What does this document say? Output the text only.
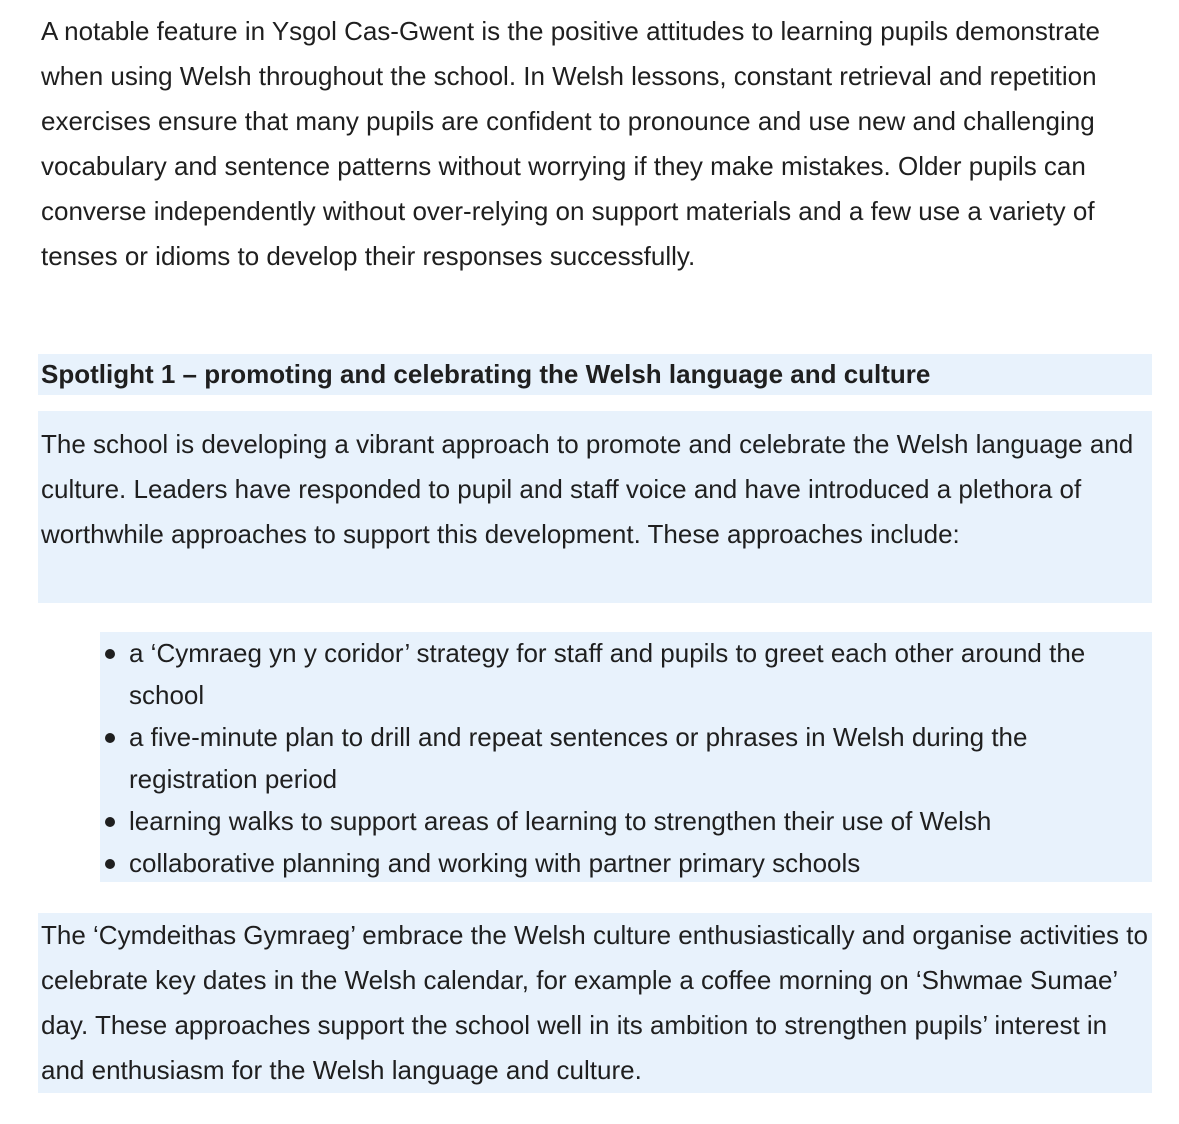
A notable feature in Ysgol Cas-Gwent is the positive attitudes to learning pupils demonstrate when using Welsh throughout the school. In Welsh lessons, constant retrieval and repetition exercises ensure that many pupils are confident to pronounce and use new and challenging vocabulary and sentence patterns without worrying if they make mistakes. Older pupils can converse independently without over-relying on support materials and a few use a variety of tenses or idioms to develop their responses successfully.
Spotlight 1 – promoting and celebrating the Welsh language and culture
The school is developing a vibrant approach to promote and celebrate the Welsh language and culture. Leaders have responded to pupil and staff voice and have introduced a plethora of worthwhile approaches to support this development. These approaches include:
a ‘Cymraeg yn y coridor’ strategy for staff and pupils to greet each other around the school
a five-minute plan to drill and repeat sentences or phrases in Welsh during the registration period
learning walks to support areas of learning to strengthen their use of Welsh
collaborative planning and working with partner primary schools
The ‘Cymdeithas Gymraeg’ embrace the Welsh culture enthusiastically and organise activities to celebrate key dates in the Welsh calendar, for example a coffee morning on ‘Shwmae Sumae’ day. These approaches support the school well in its ambition to strengthen pupils’ interest in and enthusiasm for the Welsh language and culture.
